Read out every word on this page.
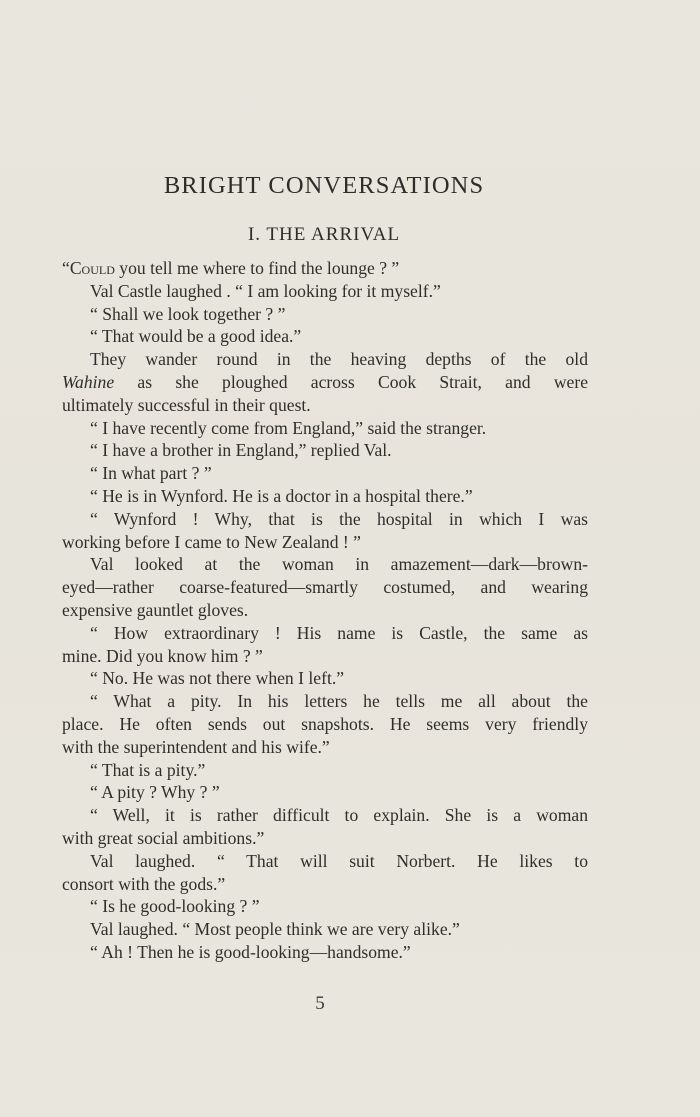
BRIGHT CONVERSATIONS
I. THE ARRIVAL
“Could you tell me where to find the lounge ? ”
Val Castle laughed . “ I am looking for it myself.”
“ Shall we look together ? ”
“ That would be a good idea.”
They wander round in the heaving depths of the old
Wahine as she ploughed across Cook Strait, and were
ultimately successful in their quest.
“ I have recently come from England,” said the stranger.
“ I have a brother in England,” replied Val.
“ In what part ? ”
“ He is in Wynford. He is a doctor in a hospital there.”
“ Wynford ! Why, that is the hospital in which I was
working before I came to New Zealand ! ”
Val looked at the woman in amazement—dark—brown-
eyed—rather coarse-featured—smartly costumed, and wearing
expensive gauntlet gloves.
“ How extraordinary ! His name is Castle, the same as
mine. Did you know him ? ”
“ No. He was not there when I left.”
“ What a pity. In his letters he tells me all about the
place. He often sends out snapshots. He seems very friendly
with the superintendent and his wife.”
“ That is a pity.”
“ A pity ? Why ? ”
“ Well, it is rather difficult to explain. She is a woman
with great social ambitions.”
Val laughed. “ That will suit Norbert. He likes to
consort with the gods.”
“ Is he good-looking ? ”
Val laughed. “ Most people think we are very alike.”
“ Ah ! Then he is good-looking—handsome.”
5
